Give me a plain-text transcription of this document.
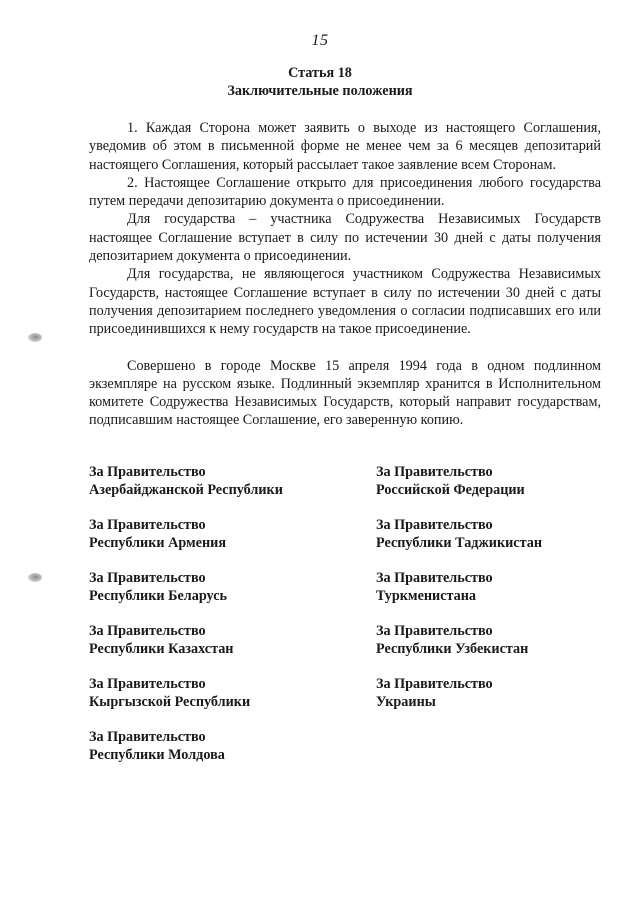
15
Статья 18
Заключительные положения

1. Каждая Сторона может заявить о выходе из настоящего Соглашения, уведомив об этом в письменной форме не менее чем за 6 месяцев депозитарий настоящего Соглашения, который рассылает такое заявление всем Сторонам.

2. Настоящее Соглашение открыто для присоединения любого государства путем передачи депозитарию документа о присоединении.

Для государства – участника Содружества Независимых Государств настоящее Соглашение вступает в силу по истечении 30 дней с даты получения депозитарием документа о присоединении.

Для государства, не являющегося участником Содружества Независимых Государств, настоящее Соглашение вступает в силу по истечении 30 дней с даты получения депозитарием последнего уведомления о согласии подписавших его или присоединившихся к нему государств на такое присоединение.

Совершено в городе Москве 15 апреля 1994 года в одном подлинном экземпляре на русском языке. Подлинный экземпляр хранится в Исполнительном комитете Содружества Независимых Государств, который направит государствам, подписавшим настоящее Соглашение, его заверенную копию.

За Правительство
Азербайджанской Республики
За Правительство
Республики Армения
За Правительство
Республики Беларусь
За Правительство
Республики Казахстан
За Правительство
Кыргызской Республики
За Правительство
Республики Молдова
За Правительство
Российской Федерации
За Правительство
Республики Таджикистан
За Правительство
Туркменистана
За Правительство
Республики Узбекистан
За Правительство
Украины
